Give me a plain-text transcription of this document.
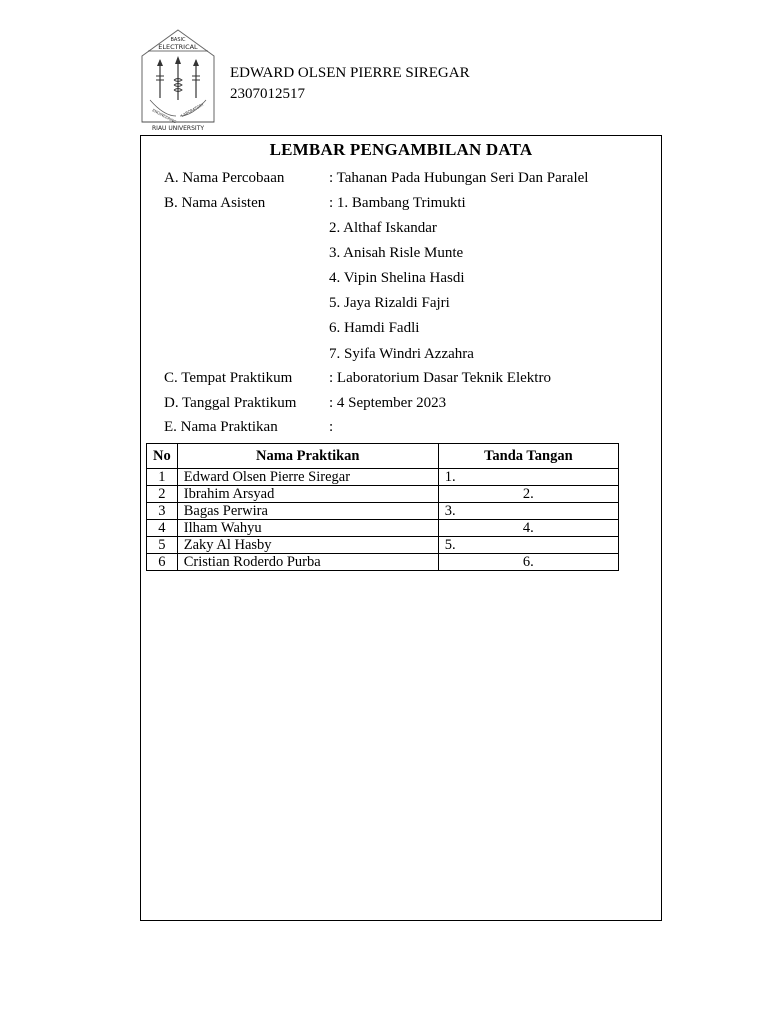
BASIC
ELECTRICAL
ENGINEERING LABORATORY
RIAU UNIVERSITY
EDWARD OLSEN PIERRE SIREGAR
2307012517
LEMBAR PENGAMBILAN DATA
A. Nama Percobaan	: Tahanan Pada Hubungan Seri Dan Paralel
B. Nama Asisten	: 1. Bambang Trimukti
2. Althaf Iskandar
3. Anisah Risle Munte
4. Vipin Shelina Hasdi
5. Jaya Rizaldi Fajri
6. Hamdi Fadli
7. Syifa Windri Azzahra
C. Tempat Praktikum : Laboratorium Dasar Teknik Elektro
D. Tanggal Praktikum : 4 September 2023
E. Nama Praktikan	:
No	Nama Praktikan	Tanda Tangan
1	Edward Olsen Pierre Siregar	1.
2	Ibrahim Arsyad	2.
3	Bagas Perwira	3.
4	Ilham Wahyu	4.
5	Zaky Al Hasby	5.
6	Cristian Roderdo Purba	6.
